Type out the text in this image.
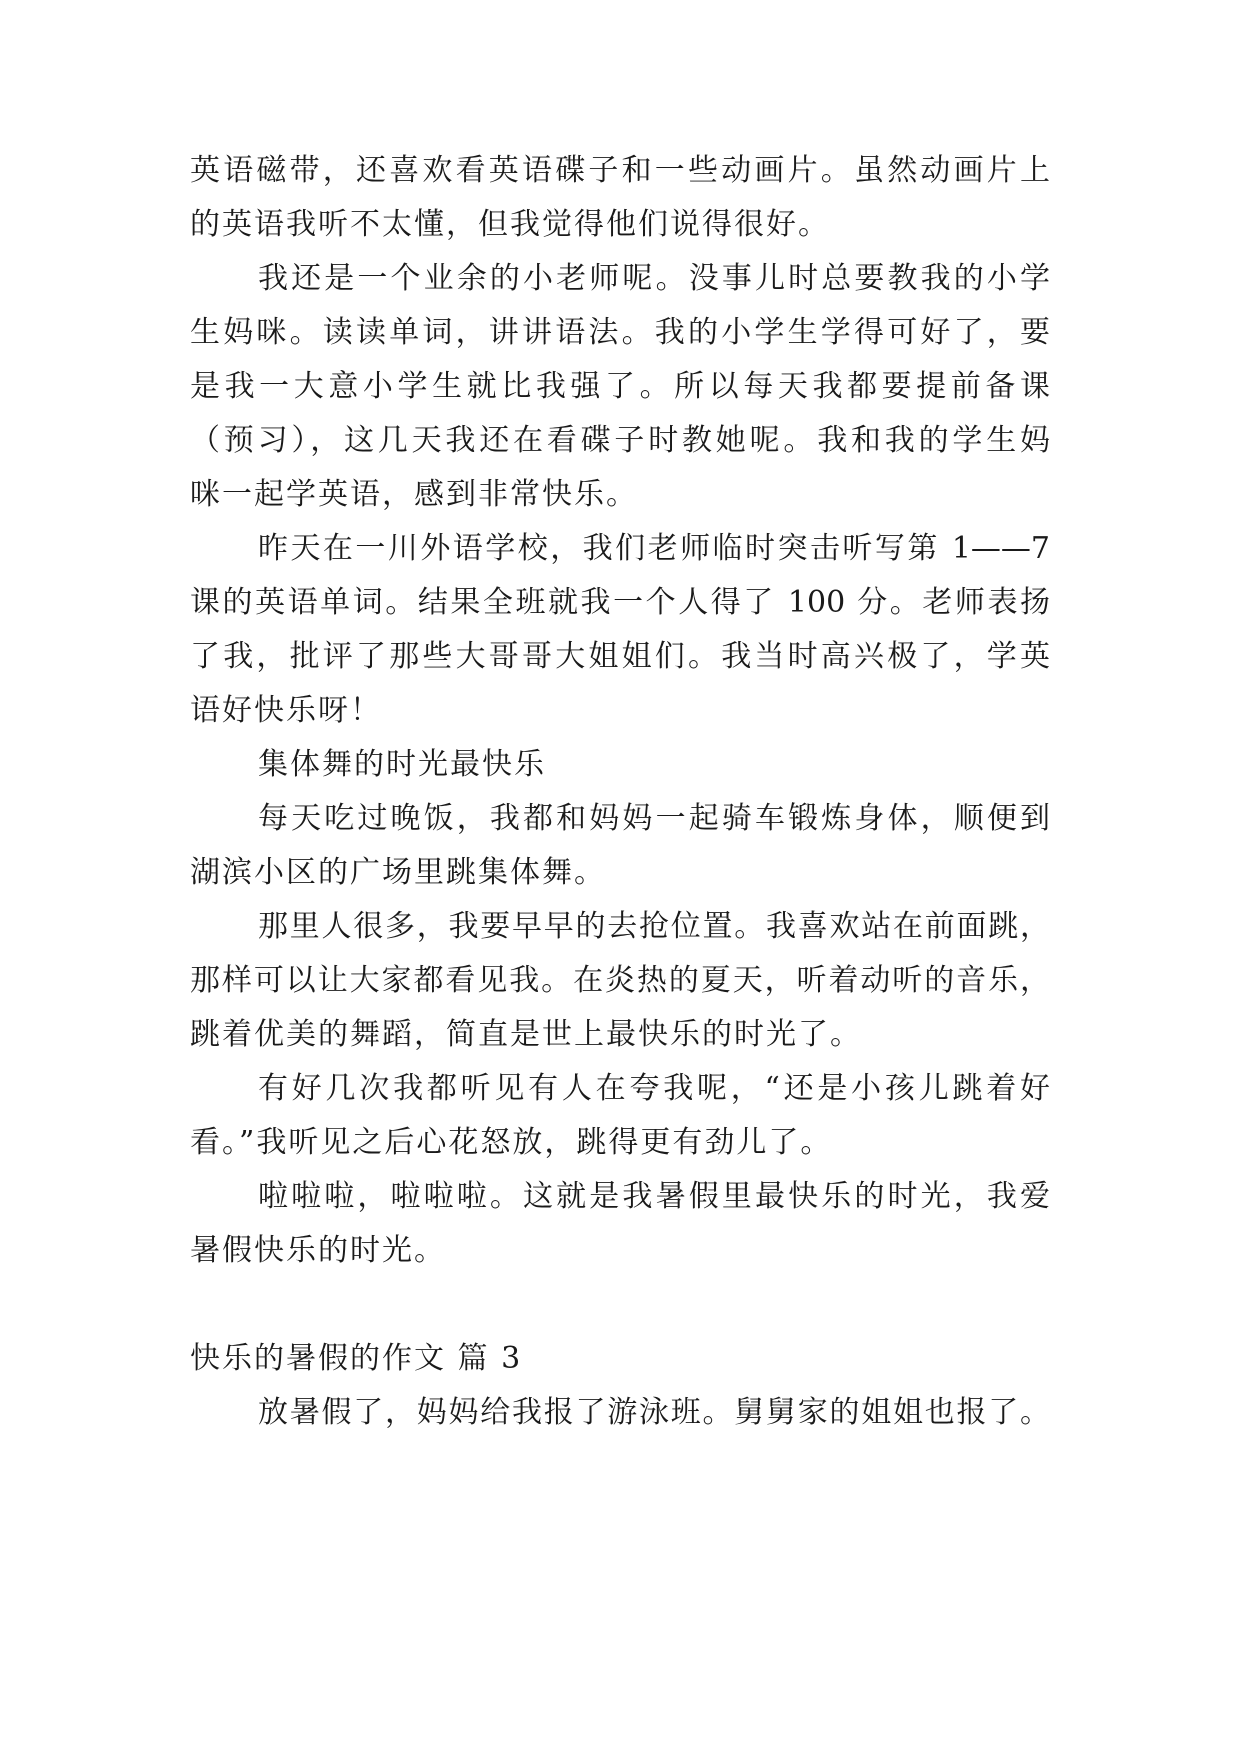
英语磁带，还喜欢看英语碟子和一些动画片。虽然动画片上
的英语我听不太懂，但我觉得他们说得很好。
我还是一个业余的小老师呢。没事儿时总要教我的小学
生妈咪。读读单词，讲讲语法。我的小学生学得可好了，要
是我一大意小学生就比我强了。所以每天我都要提前备课
（预习），这几天我还在看碟子时教她呢。我和我的学生妈
咪一起学英语，感到非常快乐。
昨天在一川外语学校，我们老师临时突击听写第 1——7
课的英语单词。结果全班就我一个人得了 100 分。老师表扬
了我，批评了那些大哥哥大姐姐们。我当时高兴极了，学英
语好快乐呀！
集体舞的时光最快乐
每天吃过晚饭，我都和妈妈一起骑车锻炼身体，顺便到
湖滨小区的广场里跳集体舞。
那里人很多，我要早早的去抢位置。我喜欢站在前面跳，
那样可以让大家都看见我。在炎热的夏天，听着动听的音乐，
跳着优美的舞蹈，简直是世上最快乐的时光了。
有好几次我都听见有人在夸我呢，“还是小孩儿跳着好
看。”我听见之后心花怒放，跳得更有劲儿了。
啦啦啦，啦啦啦。这就是我暑假里最快乐的时光，我爱
暑假快乐的时光。
快乐的暑假的作文 篇 3
放暑假了，妈妈给我报了游泳班。舅舅家的姐姐也报了。
